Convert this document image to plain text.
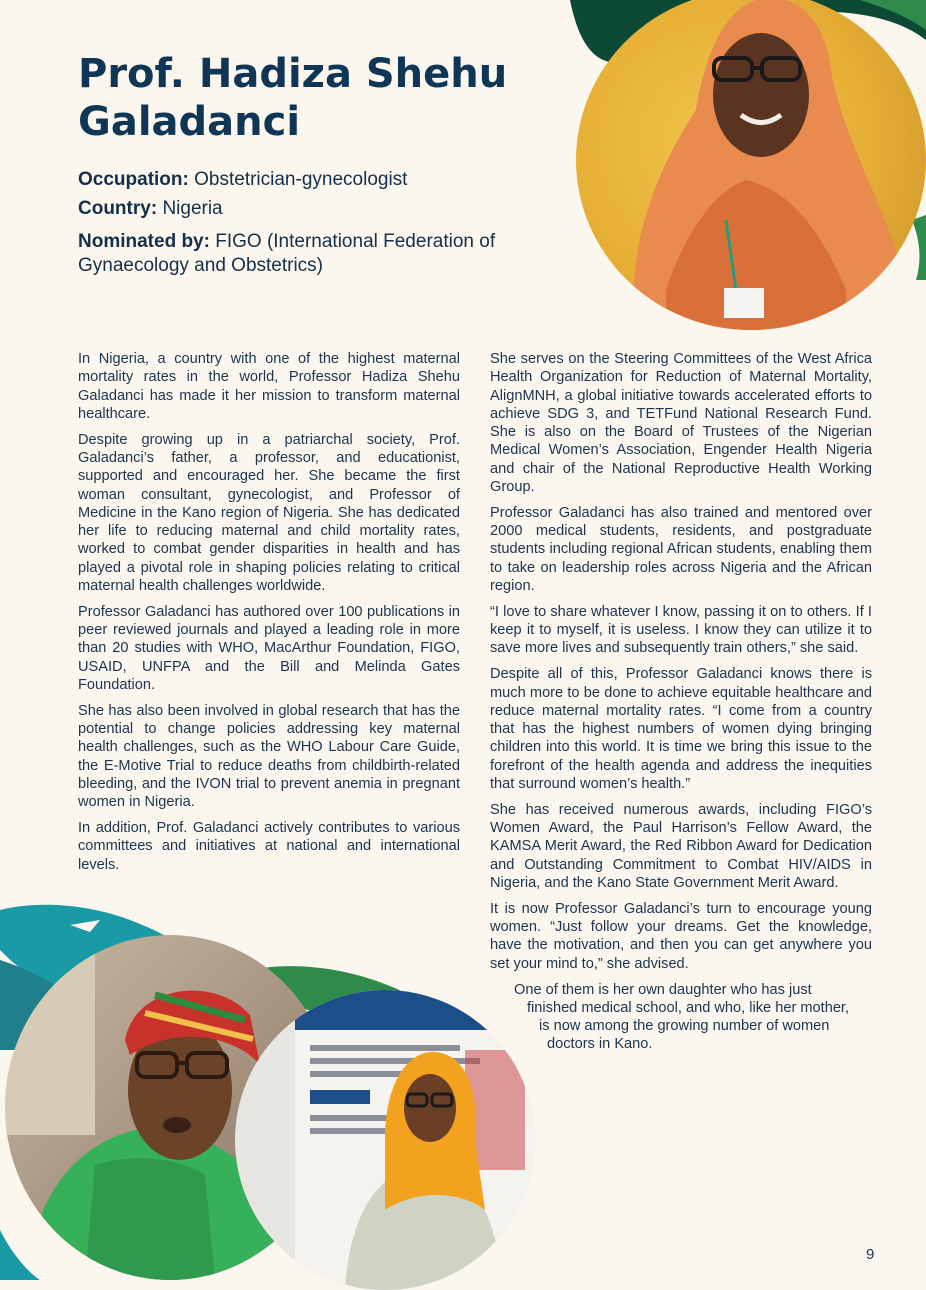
Prof. Hadiza Shehu
Galadanci
Occupation: Obstetrician-gynecologist
Country: Nigeria
Nominated by: FIGO (International Federation of
Gynaecology and Obstetrics)

In Nigeria, a country with one of the highest maternal mortality rates in the world, Professor Hadiza Shehu Galadanci has made it her mission to transform maternal healthcare.

Despite growing up in a patriarchal society, Prof. Galadanci’s father, a professor, and educationist, supported and encouraged her. She became the first woman consultant, gynecologist, and Professor of Medicine in the Kano region of Nigeria. She has dedicated her life to reducing maternal and child mortality rates, worked to combat gender disparities in health and has played a pivotal role in shaping policies relating to critical maternal health challenges worldwide.

Professor Galadanci has authored over 100 publications in peer reviewed journals and played a leading role in more than 20 studies with WHO, MacArthur Foundation, FIGO, USAID, UNFPA and the Bill and Melinda Gates Foundation.

She has also been involved in global research that has the potential to change policies addressing key maternal health challenges, such as the WHO Labour Care Guide, the E-Motive Trial to reduce deaths from childbirth-related bleeding, and the IVON trial to prevent anemia in pregnant women in Nigeria.

In addition, Prof. Galadanci actively contributes to various committees and initiatives at national and international levels.

She serves on the Steering Committees of the West Africa Health Organization for Reduction of Maternal Mortality, AlignMNH, a global initiative towards accelerated efforts to achieve SDG 3, and TETFund National Research Fund. She is also on the Board of Trustees of the Nigerian Medical Women’s Association, Engender Health Nigeria and chair of the National Reproductive Health Working Group.

Professor Galadanci has also trained and mentored over 2000 medical students, residents, and postgraduate students including regional African students, enabling them to take on leadership roles across Nigeria and the African region.

“I love to share whatever I know, passing it on to others. If I keep it to myself, it is useless. I know they can utilize it to save more lives and subsequently train others,” she said.

Despite all of this, Professor Galadanci knows there is much more to be done to achieve equitable healthcare and reduce maternal mortality rates. “I come from a country that has the highest numbers of women dying bringing children into this world. It is time we bring this issue to the forefront of the health agenda and address the inequities that surround women’s health.”

She has received numerous awards, including FIGO’s Women Award, the Paul Harrison’s Fellow Award, the KAMSA Merit Award, the Red Ribbon Award for Dedication and Outstanding Commitment to Combat HIV/AIDS in Nigeria, and the Kano State Government Merit Award.

It is now Professor Galadanci’s turn to encourage young women. “Just follow your dreams. Get the knowledge, have the motivation, and then you can get anywhere you set your mind to,” she advised.

One of them is her own daughter who has just

finished medical school, and who, like her mother,

is now among the growing number of women

doctors in Kano.

9
